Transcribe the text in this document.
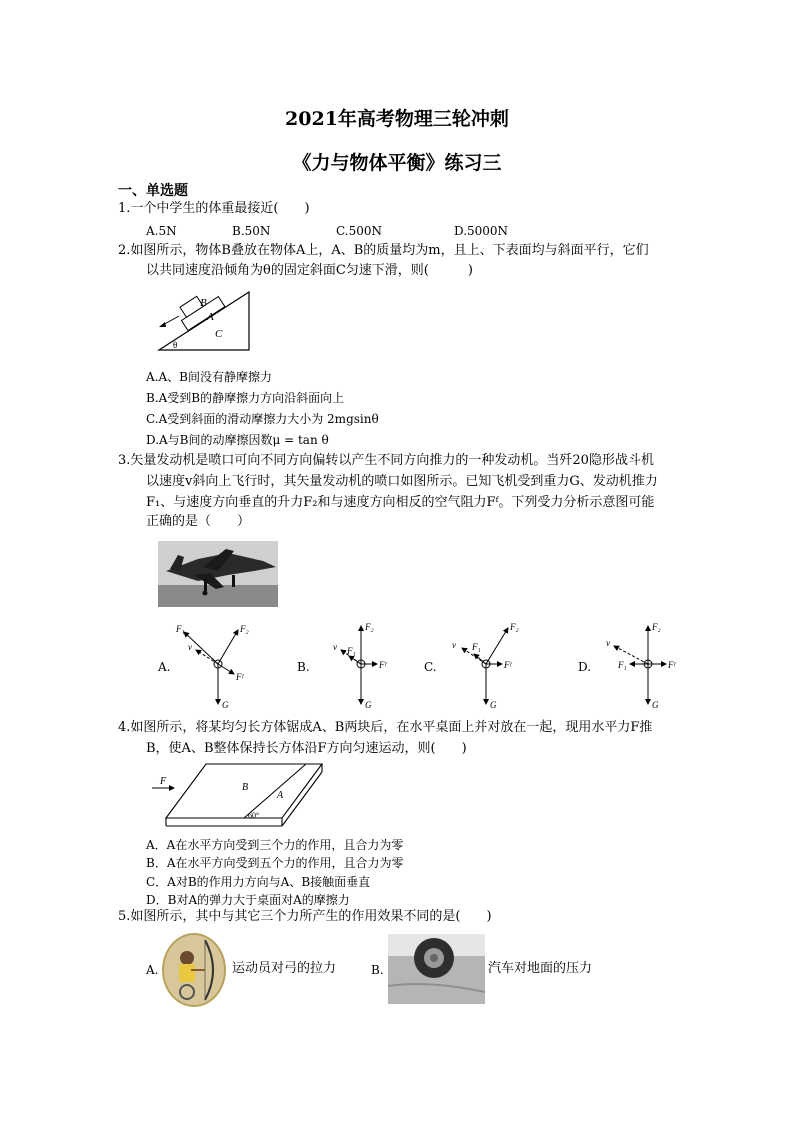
2021年高考物理三轮冲刺
《力与物体平衡》练习三
一、单选题
1.一个中学生的体重最接近(　　)
A.5N	B.50N	C.500N	D.5000N
2.如图所示，物体B叠放在物体A上，A、B的质量均为m，且上、下表面均与斜面平行，它们
以共同速度沿倾角为θ的固定斜面C匀速下滑，则(　　　)
B
A
C
θ
A.A、B间没有静摩擦力
B.A受到B的静摩擦力方向沿斜面向上
C.A受到斜面的滑动摩擦力大小为 2mgsinθ
D.A与B间的动摩擦因数μ = tan θ
3.矢量发动机是喷口可向不同方向偏转以产生不同方向推力的一种发动机。当歼20隐形战斗机
以速度v斜向上飞行时，其矢量发动机的喷口如图所示。已知飞机受到重力G、发动机推力
F₁、与速度方向垂直的升力F₂和与速度方向相反的空气阻力Fᶠ。下列受力分析示意图可能
正确的是（　　）
A.
F₁	F₂
Fᶠ
G
v
B.
F₂
F₁
Fᶠ
G
v
C.
F₂
F₁
Fᶠ
G
v
D.
F₂
F₁	Fᶠ
G
v
4.如图所示，将某均匀长方体锯成A、B两块后，在水平桌面上并对放在一起，现用水平力F推
B，使A、B整体保持长方体沿F方向匀速运动，则(　　)
F
B
A
60°
A．A在水平方向受到三个力的作用，且合力为零
B．A在水平方向受到五个力的作用，且合力为零
C．A对B的作用力方向与A、B接触面垂直
D．B对A的弹力大于桌面对A的摩擦力
5.如图所示，其中与其它三个力所产生的作用效果不同的是(　　)
A.	运动员对弓的拉力	B.	汽车对地面的压力
